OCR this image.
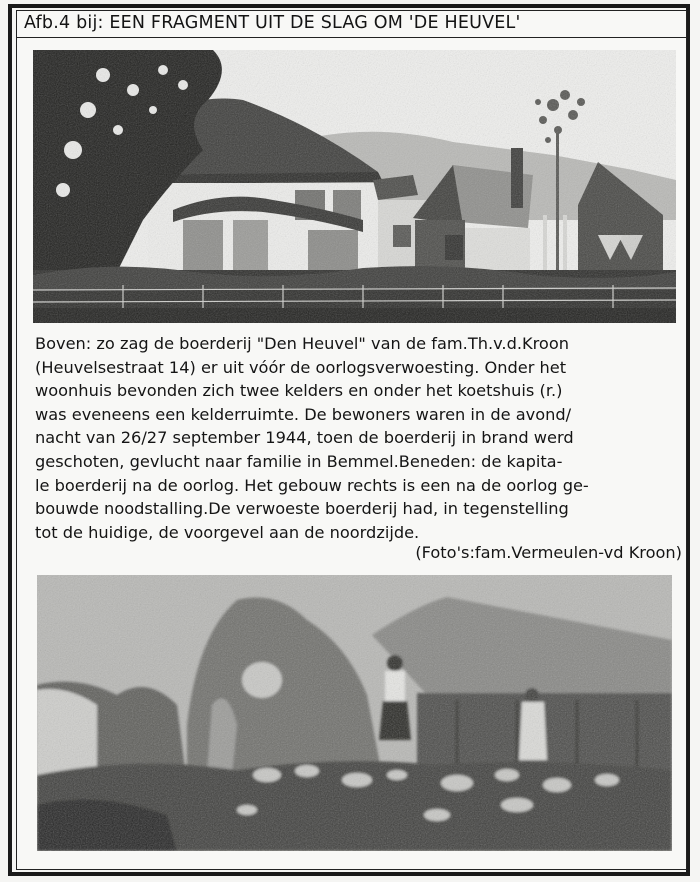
Afb.4 bij: EEN FRAGMENT UIT DE SLAG OM 'DE HEUVEL'
Boven: zo zag de boerderij "Den Heuvel" van de fam.Th.v.d.Kroon
(Heuvelsestraat 14) er uit vóór de oorlogsverwoesting. Onder het
woonhuis bevonden zich twee kelders en onder het koetshuis (r.)
was eveneens een kelderruimte. De bewoners waren in de avond/
nacht van 26/27 september 1944, toen de boerderij in brand werd
geschoten, gevlucht naar familie in Bemmel.Beneden: de kapita-
le boerderij na de oorlog. Het gebouw rechts is een na de oorlog ge-
bouwde noodstalling.De verwoeste boerderij had, in tegenstelling
tot de huidige, de voorgevel aan de noordzijde.
(Foto's:fam.Vermeulen-vd Kroon)
